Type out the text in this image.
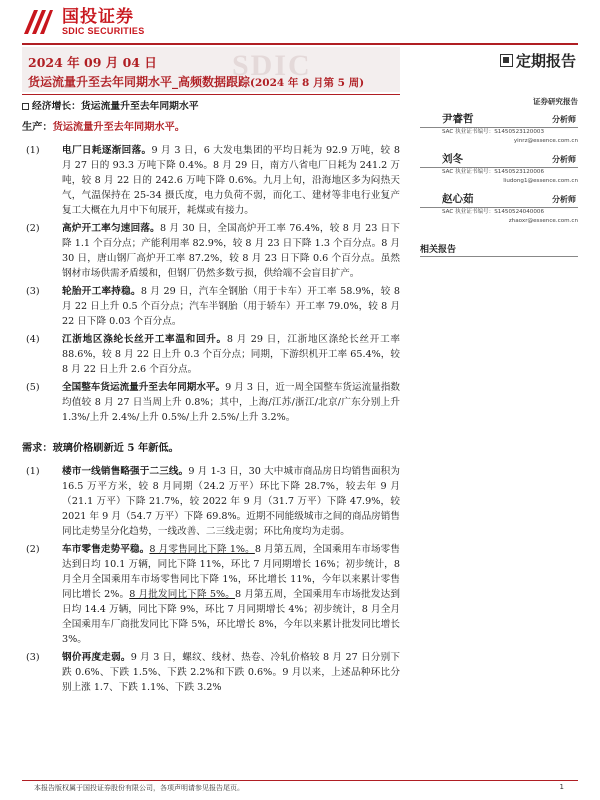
国投证券
SDIC SECURITIES
SDIC
2024 年 09 月 04 日
货运流量升至去年同期水平_高频数据跟踪(2024 年 8 月第 5 周)
定期报告
经济增长：货运流量升至去年同期水平
生产：货运流量升至去年同期水平。
(1)	电厂日耗逐渐回落。9 月 3 日，6 大发电集团的平均日耗为 92.9 万吨，较 8 月 27 日的 93.3 万吨下降 0.4%。8 月 29 日，南方八省电厂日耗为 241.2 万吨，较 8 月 22 日的 242.6 万吨下降 0.6%。九月上旬，沿海地区多为闷热天气，气温保持在 25-34 摄氏度，电力负荷不弱，而化工、建材等非电行业复产复工大概在九月中下旬展开，耗煤或有接力。
(2)	高炉开工率匀速回落。8 月 30 日，全国高炉开工率 76.4%，较 8 月 23 日下降 1.1 个百分点；产能利用率 82.9%，较 8 月 23 日下降 1.3 个百分点。8 月 30 日，唐山钢厂高炉开工率 87.2%，较 8 月 23 日下降 0.6 个百分点。虽然钢材市场供需矛盾缓和，但钢厂仍然多数亏损，供给端不会盲目扩产。
(3)	轮胎开工率持稳。8 月 29 日，汽车全钢胎（用于卡车）开工率 58.9%，较 8 月 22 日上升 0.5 个百分点；汽车半钢胎（用于轿车）开工率 79.0%，较 8 月 22 日下降 0.03 个百分点。
(4)	江浙地区涤纶长丝开工率温和回升。8 月 29 日，江浙地区涤纶长丝开工率 88.6%，较 8 月 22 日上升 0.3 个百分点；同期，下游织机开工率 65.4%，较 8 月 22 日上升 2.6 个百分点。
(5)	全国整车货运流量升至去年同期水平。9 月 3 日，近一周全国整车货运流量指数均值较 8 月 27 日当周上升 0.8%；其中，上海/江苏/浙江/北京/广东分别上升 1.3%/上升 2.4%/上升 0.5%/上升 2.5%/上升 3.2%。
需求：玻璃价格刷新近 5 年新低。
(1)	楼市一线销售略强于二三线。9 月 1-3 日，30 大中城市商品房日均销售面积为 16.5 万平方米，较 8 月同期（24.2 万平）环比下降 28.7%，较去年 9 月（21.1 万平）下降 21.7%，较 2022 年 9 月（31.7 万平）下降 47.9%，较 2021 年 9 月（54.7 万平）下降 69.8%。近期不同能级城市之间的商品房销售同比走势呈分化趋势，一线改善、二三线走弱；环比角度均为走弱。
(2)	车市零售走势平稳。8 月零售同比下降 1%。8 月第五周，全国乘用车市场零售达到日均 10.1 万辆，同比下降 11%，环比 7 月同期增长 16%；初步统计，8 月全月全国乘用车市场零售同比下降 1%，环比增长 11%，今年以来累计零售同比增长 2%。8 月批发同比下降 5%。8 月第五周，全国乘用车市场批发达到日均 14.4 万辆，同比下降 9%，环比 7 月同期增长 4%；初步统计，8 月全月全国乘用车厂商批发同比下降 5%，环比增长 8%，今年以来累计批发同比增长 3%。
(3)	钢价再度走弱。9 月 3 日，螺纹、线材、热卷、冷轧价格较 8 月 27 日分别下跌 0.6%、下跌 1.5%、下跌 2.2%和下跌 0.6%。9 月以来，上述品种环比分别上涨 1.7、下跌 1.1%、下跌 3.2%
证券研究报告
尹睿哲	分析师
SAC 执业证书编号：S1450523120003
yinrz@essence.com.cn
刘冬	分析师
SAC 执业证书编号：S1450523120006
liudong1@essence.com.cn
赵心茹	分析师
SAC 执业证书编号：S1450524040006
zhaoxr@essence.com.cn
相关报告
本报告版权属于国投证券股份有限公司，各项声明请参见报告尾页。	1
